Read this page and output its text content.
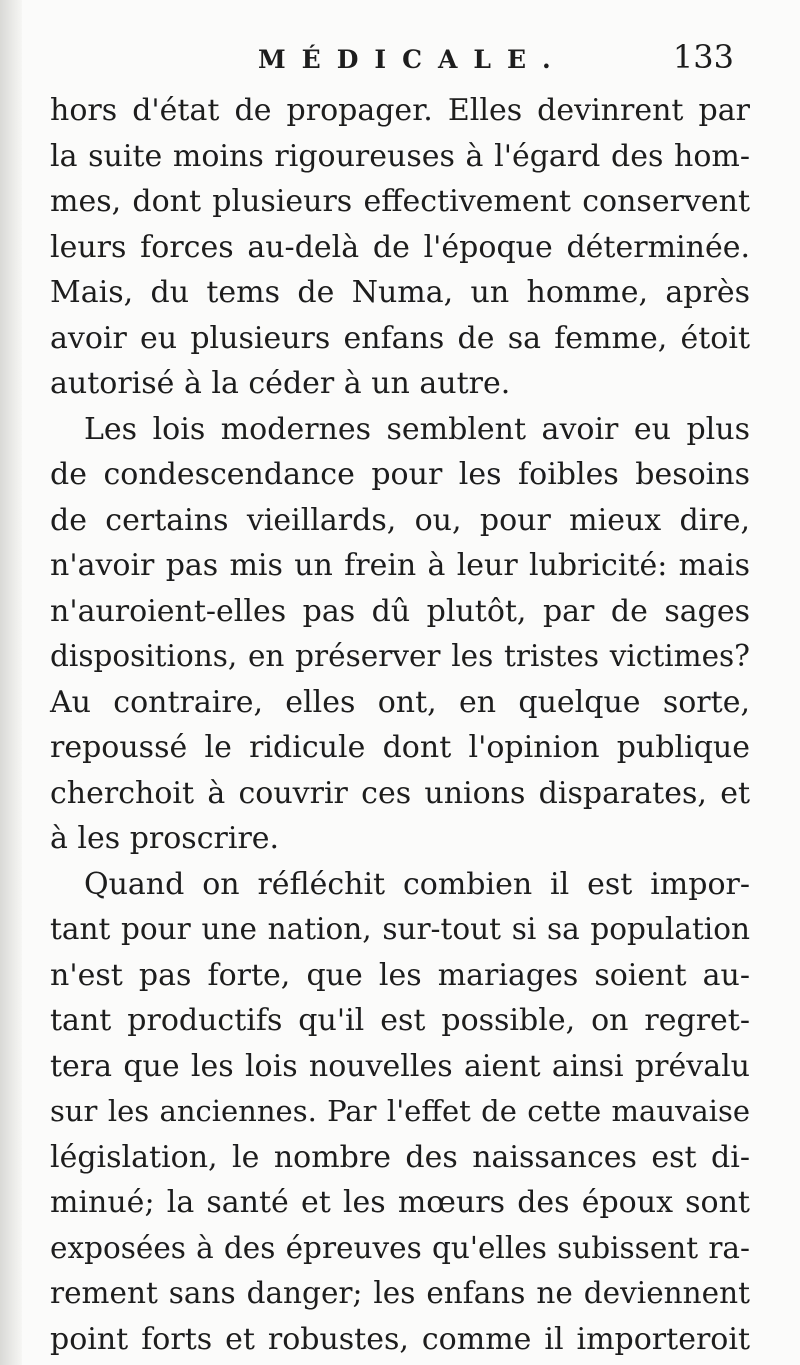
MÉDICALE.	133
hors d'état de propager. Elles devinrent par
la suite moins rigoureuses à l'égard des hom-
mes, dont plusieurs effectivement conservent
leurs forces au-delà de l'époque déterminée.
Mais, du tems de Numa, un homme, après
avoir eu plusieurs enfans de sa femme, étoit
autorisé à la céder à un autre.
Les lois modernes semblent avoir eu plus
de condescendance pour les foibles besoins
de certains vieillards, ou, pour mieux dire,
n'avoir pas mis un frein à leur lubricité: mais
n'auroient-elles pas dû plutôt, par de sages
dispositions, en préserver les tristes victimes?
Au contraire, elles ont, en quelque sorte,
repoussé le ridicule dont l'opinion publique
cherchoit à couvrir ces unions disparates, et
à les proscrire.
Quand on réfléchit combien il est impor-
tant pour une nation, sur-tout si sa population
n'est pas forte, que les mariages soient au-
tant productifs qu'il est possible, on regret-
tera que les lois nouvelles aient ainsi prévalu
sur les anciennes. Par l'effet de cette mauvaise
législation, le nombre des naissances est di-
minué; la santé et les mœurs des époux sont
exposées à des épreuves qu'elles subissent ra-
rement sans danger; les enfans ne deviennent
point forts et robustes, comme il importeroit
